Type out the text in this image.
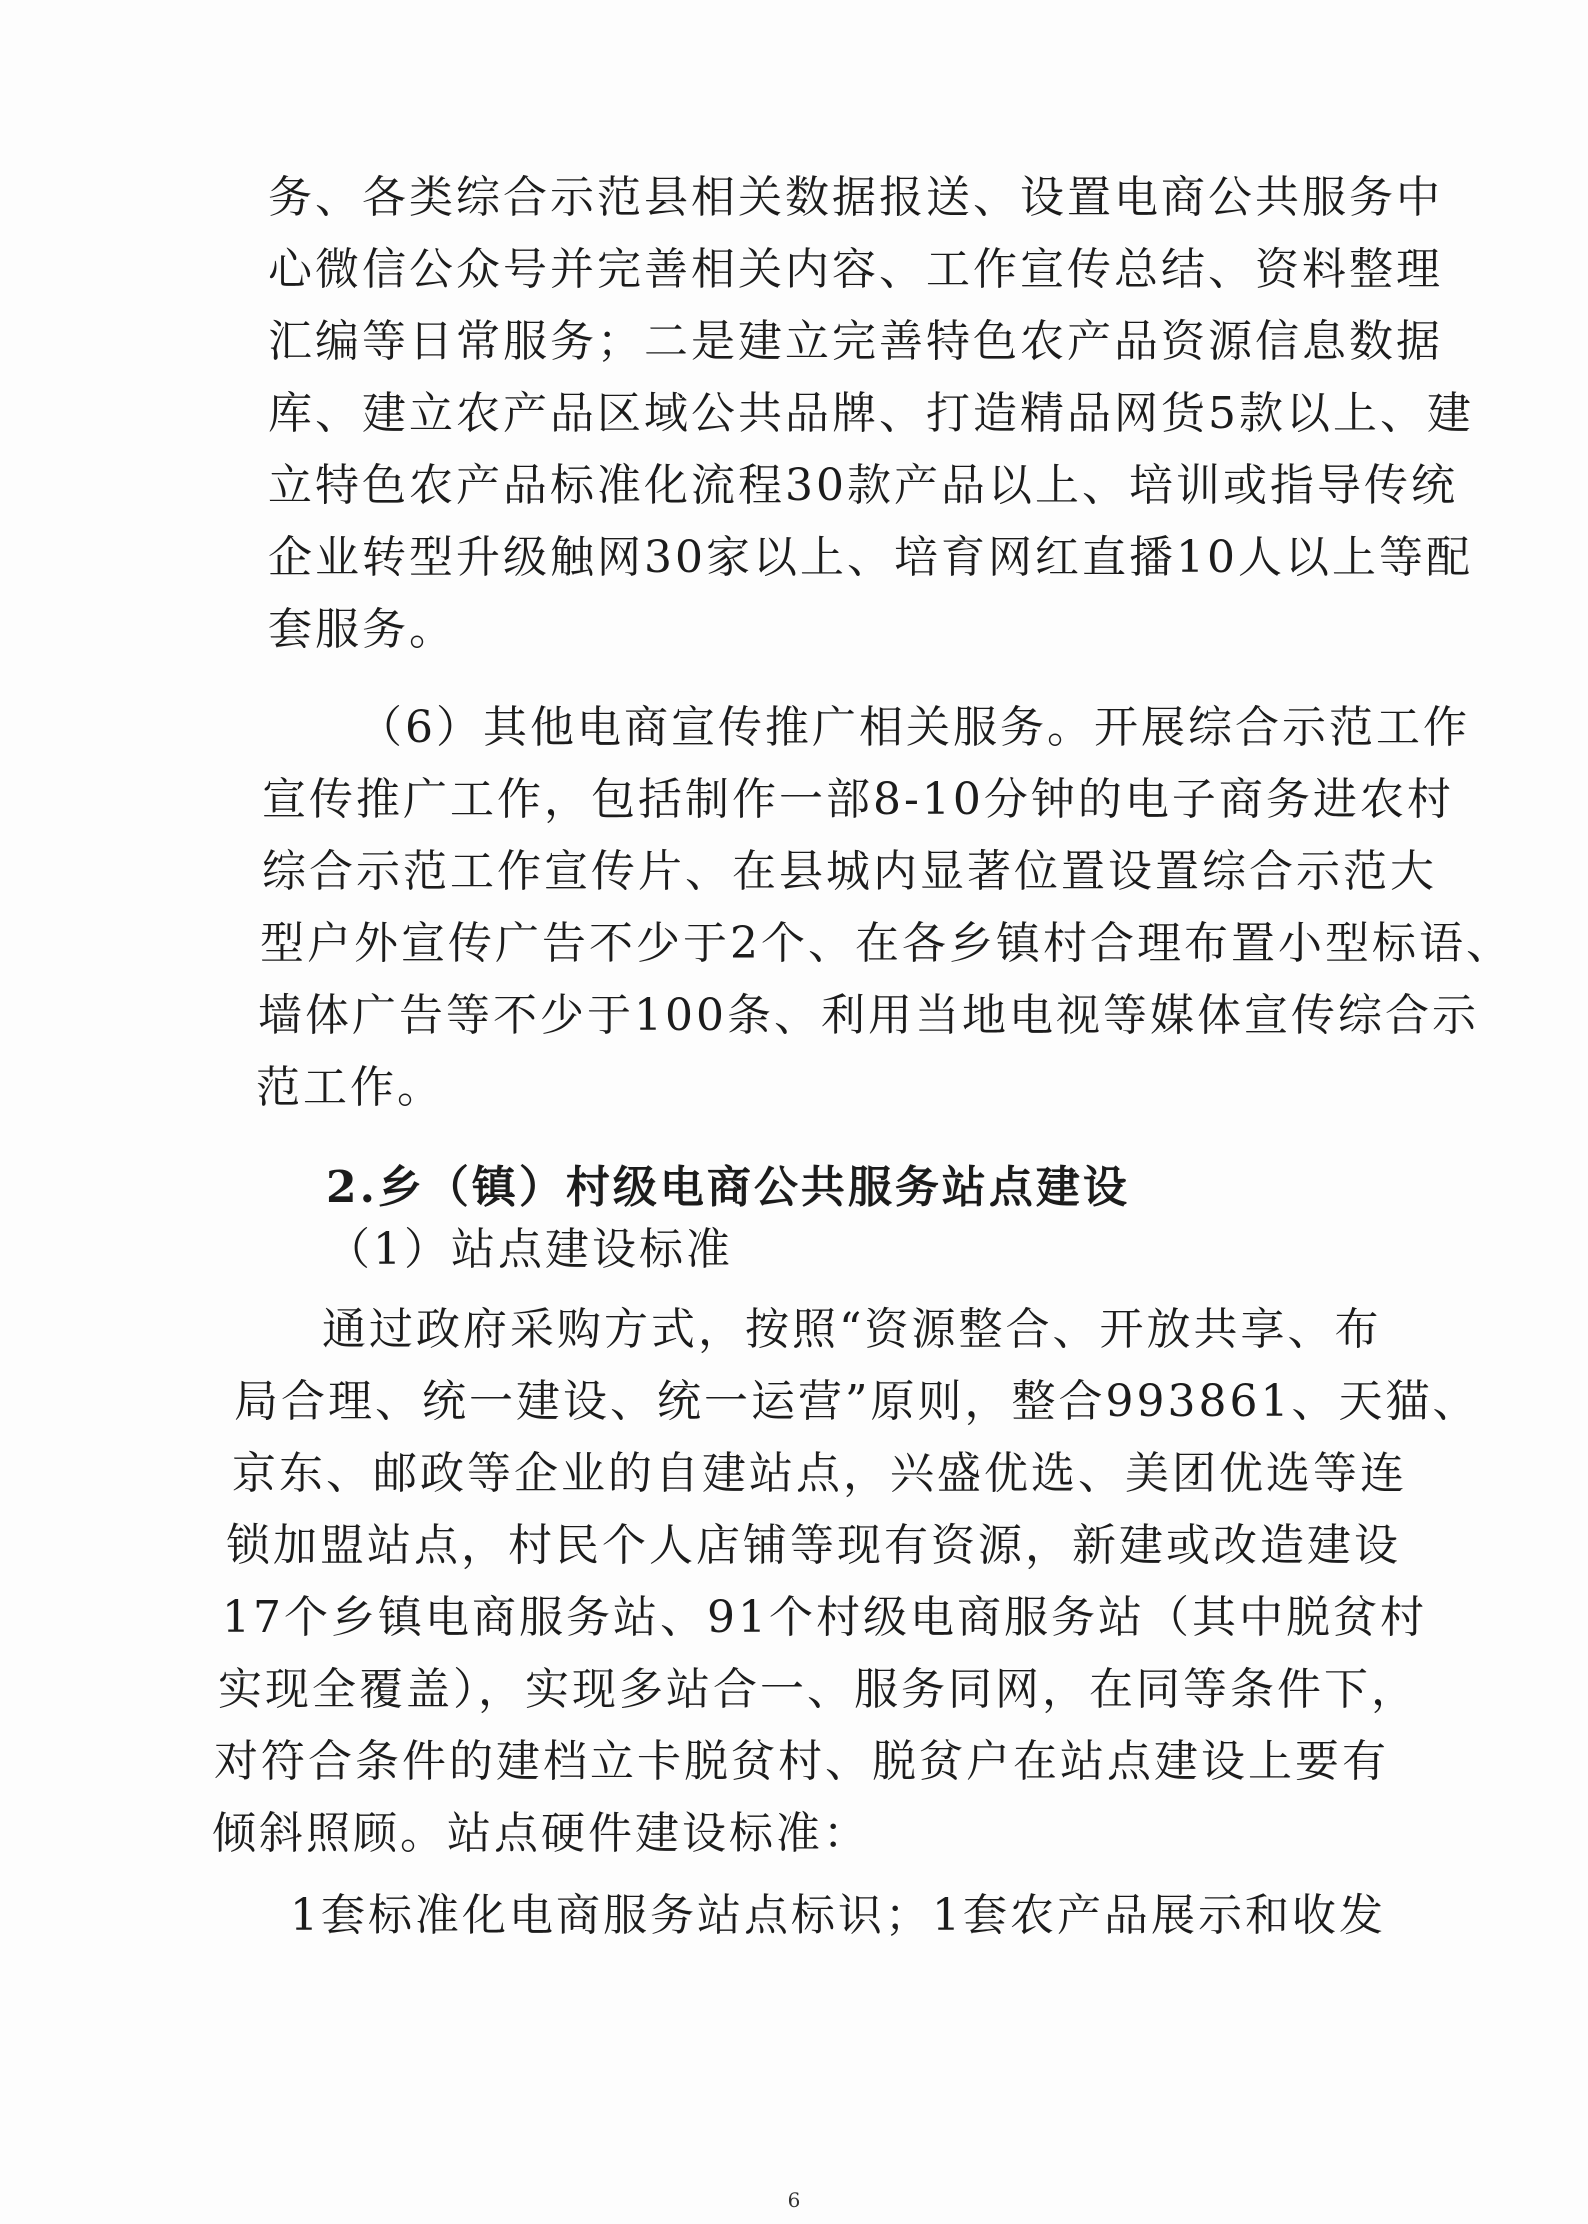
务、各类综合示范县相关数据报送、设置电商公共服务中
心微信公众号并完善相关内容、工作宣传总结、资料整理
汇编等日常服务；二是建立完善特色农产品资源信息数据
库、建立农产品区域公共品牌、打造精品网货5款以上、建
立特色农产品标准化流程30款产品以上、培训或指导传统
企业转型升级触网30家以上、培育网红直播10人以上等配
套服务。
（6）其他电商宣传推广相关服务。开展综合示范工作
宣传推广工作，包括制作一部8-10分钟的电子商务进农村
综合示范工作宣传片、在县城内显著位置设置综合示范大
型户外宣传广告不少于2个、在各乡镇村合理布置小型标语、
墙体广告等不少于100条、利用当地电视等媒体宣传综合示
范工作。
2.乡（镇）村级电商公共服务站点建设
（1）站点建设标准
通过政府采购方式，按照“资源整合、开放共享、布
局合理、统一建设、统一运营”原则，整合993861、天猫、
京东、邮政等企业的自建站点，兴盛优选、美团优选等连
锁加盟站点，村民个人店铺等现有资源，新建或改造建设
17个乡镇电商服务站、91个村级电商服务站（其中脱贫村
实现全覆盖），实现多站合一、服务同网，在同等条件下，
对符合条件的建档立卡脱贫村、脱贫户在站点建设上要有
倾斜照顾。站点硬件建设标准：
1套标准化电商服务站点标识；1套农产品展示和收发
6
